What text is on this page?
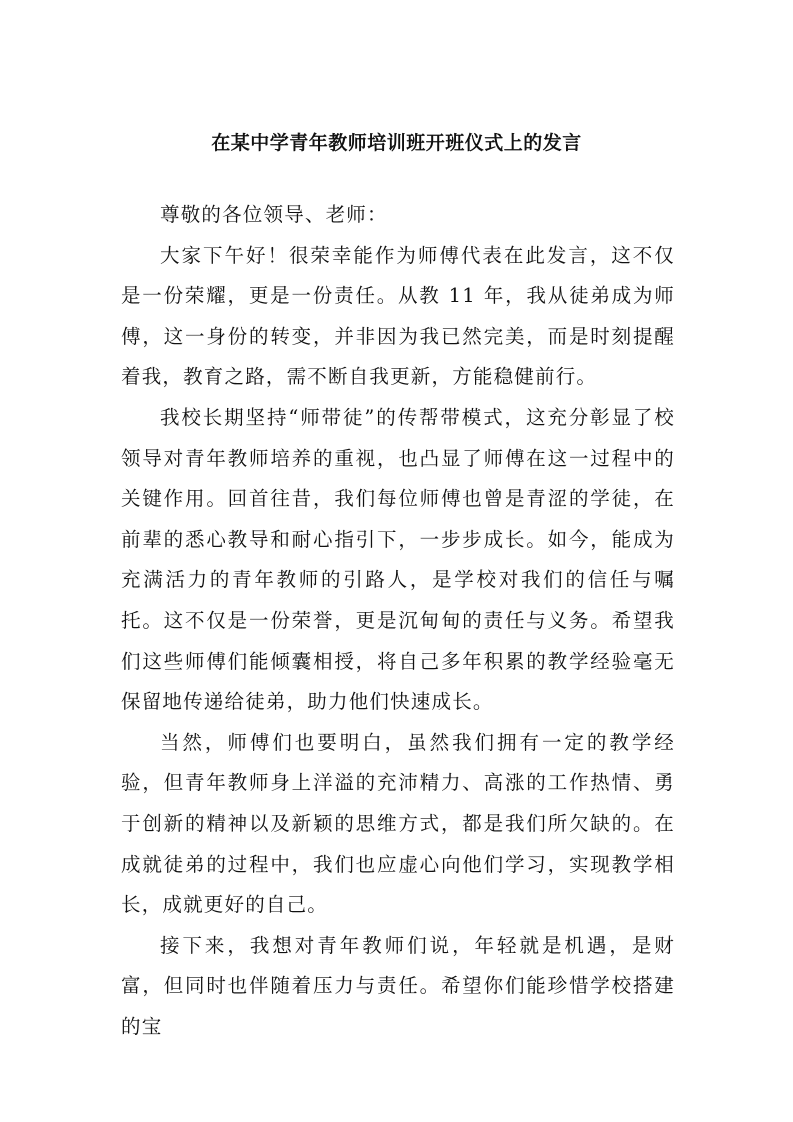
在某中学青年教师培训班开班仪式上的发言

尊敬的各位领导、老师：

大家下午好！很荣幸能作为师傅代表在此发言，这不仅是一份荣耀，更是一份责任。从教 11 年，我从徒弟成为师傅，这一身份的转变，并非因为我已然完美，而是时刻提醒着我，教育之路，需不断自我更新，方能稳健前行。

我校长期坚持“师带徒”的传帮带模式，这充分彰显了校领导对青年教师培养的重视，也凸显了师傅在这一过程中的关键作用。回首往昔，我们每位师傅也曾是青涩的学徒，在前辈的悉心教导和耐心指引下，一步步成长。如今，能成为充满活力的青年教师的引路人，是学校对我们的信任与嘱托。这不仅是一份荣誉，更是沉甸甸的责任与义务。希望我们这些师傅们能倾囊相授，将自己多年积累的教学经验毫无保留地传递给徒弟，助力他们快速成长。

当然，师傅们也要明白，虽然我们拥有一定的教学经验，但青年教师身上洋溢的充沛精力、高涨的工作热情、勇于创新的精神以及新颖的思维方式，都是我们所欠缺的。在成就徒弟的过程中，我们也应虚心向他们学习，实现教学相长，成就更好的自己。

接下来，我想对青年教师们说，年轻就是机遇，是财富，但同时也伴随着压力与责任。希望你们能珍惜学校搭建的宝
